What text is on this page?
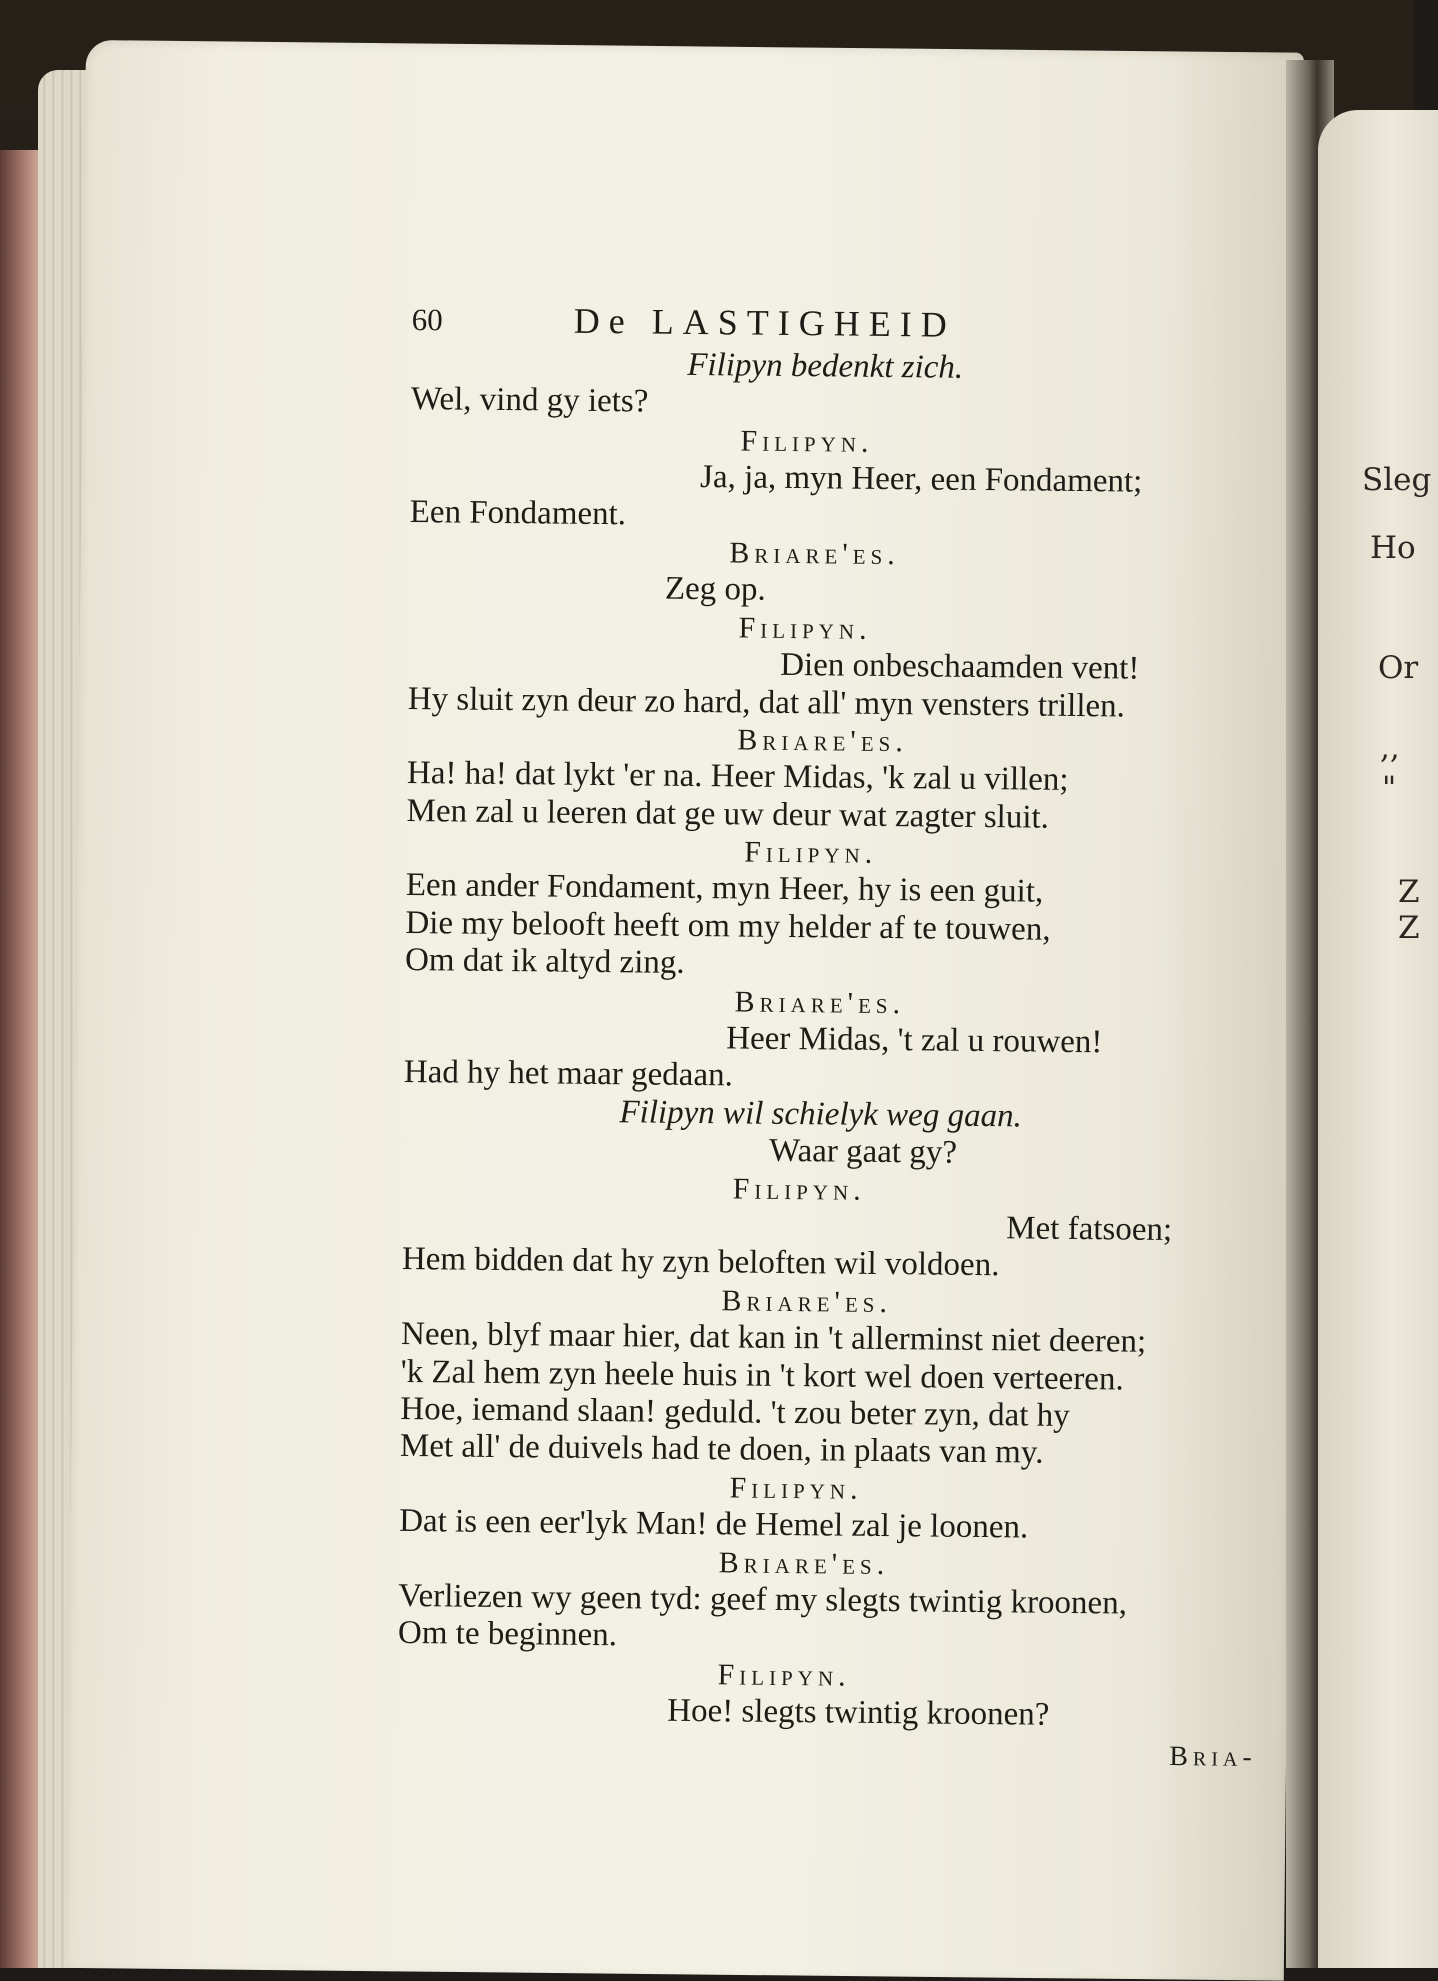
Sleg
Ho
Or
,,
"
Z
Z
60	De LASTIGHEID
Filipyn bedenkt zich.
Wel, vind gy iets?
Filipyn.
Ja, ja, myn Heer, een Fondament;
Een Fondament.
Briare'es.
Zeg op.
Filipyn.
Dien onbeschaamden vent!
Hy sluit zyn deur zo hard, dat all' myn vensters trillen.
Briare'es.
Ha! ha! dat lykt 'er na. Heer Midas, 'k zal u villen;
Men zal u leeren dat ge uw deur wat zagter sluit.
Filipyn.
Een ander Fondament, myn Heer, hy is een guit,
Die my belooft heeft om my helder af te touwen,
Om dat ik altyd zing.
Briare'es.
Heer Midas, 't zal u rouwen!
Had hy het maar gedaan.
Filipyn wil schielyk weg gaan.
Waar gaat gy?
Filipyn.
Met fatsoen;
Hem bidden dat hy zyn beloften wil voldoen.
Briare'es.
Neen, blyf maar hier, dat kan in 't allerminst niet deeren;
'k Zal hem zyn heele huis in 't kort wel doen verteeren.
Hoe, iemand slaan! geduld. 't zou beter zyn, dat hy
Met all' de duivels had te doen, in plaats van my.
Filipyn.
Dat is een eer'lyk Man! de Hemel zal je loonen.
Briare'es.
Verliezen wy geen tyd: geef my slegts twintig kroonen,
Om te beginnen.
Filipyn.
Hoe! slegts twintig kroonen?
Bria-
